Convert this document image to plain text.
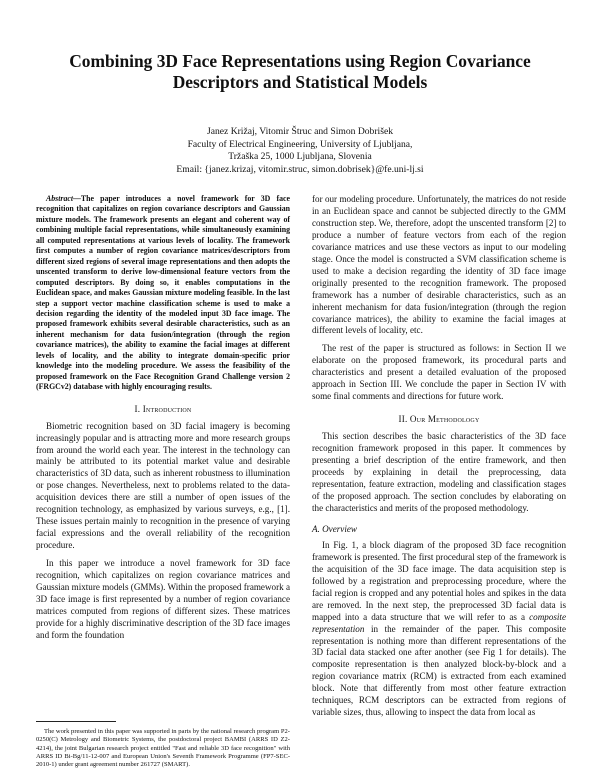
Combining 3D Face Representations using Region Covariance Descriptors and Statistical Models
Janez Križaj, Vitomir Štruc and Simon Dobrišek
Faculty of Electrical Engineering, University of Ljubljana,
Tržaška 25, 1000 Ljubljana, Slovenia
Email: {janez.krizaj, vitomir.struc, simon.dobrisek}@fe.uni-lj.si

Abstract—The paper introduces a novel framework for 3D face recognition that capitalizes on region covariance descriptors and Gaussian mixture models. The framework presents an elegant and coherent way of combining multiple facial representations, while simultaneously examining all computed representations at various levels of locality. The framework first computes a number of region covariance matrices/descriptors from different sized regions of several image representations and then adopts the unscented transform to derive low-dimensional feature vectors from the computed descriptors. By doing so, it enables computations in the Euclidean space, and makes Gaussian mixture modeling feasible. In the last step a support vector machine classification scheme is used to make a decision regarding the identity of the modeled input 3D face image. The proposed framework exhibits several desirable characteristics, such as an inherent mechanism for data fusion/integration (through the region covariance matrices), the ability to examine the facial images at different levels of locality, and the ability to integrate domain-specific prior knowledge into the modeling procedure. We assess the feasibility of the proposed framework on the Face Recognition Grand Challenge version 2 (FRGCv2) database with highly encouraging results.

I. Introduction

Biometric recognition based on 3D facial imagery is becoming increasingly popular and is attracting more and more research groups from around the world each year. The interest in the technology can mainly be attributed to its potential market value and desirable characteristics of 3D data, such as inherent robustness to illumination or pose changes. Nevertheless, next to problems related to the data-acquisition devices there are still a number of open issues of the recognition technology, as emphasized by various surveys, e.g., [1]. These issues pertain mainly to recognition in the presence of varying facial expressions and the overall reliability of the recognition procedure.

In this paper we introduce a novel framework for 3D face recognition, which capitalizes on region covariance matrices and Gaussian mixture models (GMMs). Within the proposed framework a 3D face image is first represented by a number of region covariance matrices computed from regions of different sizes. These matrices provide for a highly discriminative description of the 3D face images and form the foundation

for our modeling procedure. Unfortunately, the matrices do not reside in an Euclidean space and cannot be subjected directly to the GMM construction step. We, therefore, adopt the unscented transform [2] to produce a number of feature vectors from each of the region covariance matrices and use these vectors as input to our modeling stage. Once the model is constructed a SVM classification scheme is used to make a decision regarding the identity of 3D face image originally presented to the recognition framework. The proposed framework has a number of desirable characteristics, such as an inherent mechanism for data fusion/integration (through the region covariance matrices), the ability to examine the facial images at different levels of locality, etc.

The rest of the paper is structured as follows: in Section II we elaborate on the proposed framework, its procedural parts and characteristics and present a detailed evaluation of the proposed approach in Section III. We conclude the paper in Section IV with some final comments and directions for future work.

II. Our Methodology

This section describes the basic characteristics of the 3D face recognition framework proposed in this paper. It commences by presenting a brief description of the entire framework, and then proceeds by explaining in detail the preprocessing, data representation, feature extraction, modeling and classification stages of the proposed approach. The section concludes by elaborating on the characteristics and merits of the proposed methodology.

A. Overview

In Fig. 1, a block diagram of the proposed 3D face recognition framework is presented. The first procedural step of the framework is the acquisition of the 3D face image. The data acquisition step is followed by a registration and preprocessing procedure, where the facial region is cropped and any potential holes and spikes in the data are removed. In the next step, the preprocessed 3D facial data is mapped into a data structure that we will refer to as a composite representation in the remainder of the paper. This composite representation is nothing more than different representations of the 3D facial data stacked one after another (see Fig 1 for details). The composite representation is then analyzed block-by-block and a region covariance matrix (RCM) is extracted from each examined block. Note that differently from most other feature extraction techniques, RCM descriptors can be extracted from regions of variable sizes, thus, allowing to inspect the data from local as

The work presented in this paper was supported in parts by the national research program P2-0250(C) Metrology and Biometric Systems, the postdoctoral project BAMBI (ARRS ID Z2-4214), the joint Bulgarian research project entitled "Fast and reliable 3D face recognition" with ARRS ID Bi-Bg/11-12-007 and European Union's Seventh Framework Programme (FP7-SEC-2010-1) under grant agreement number 261727 (SMART).
